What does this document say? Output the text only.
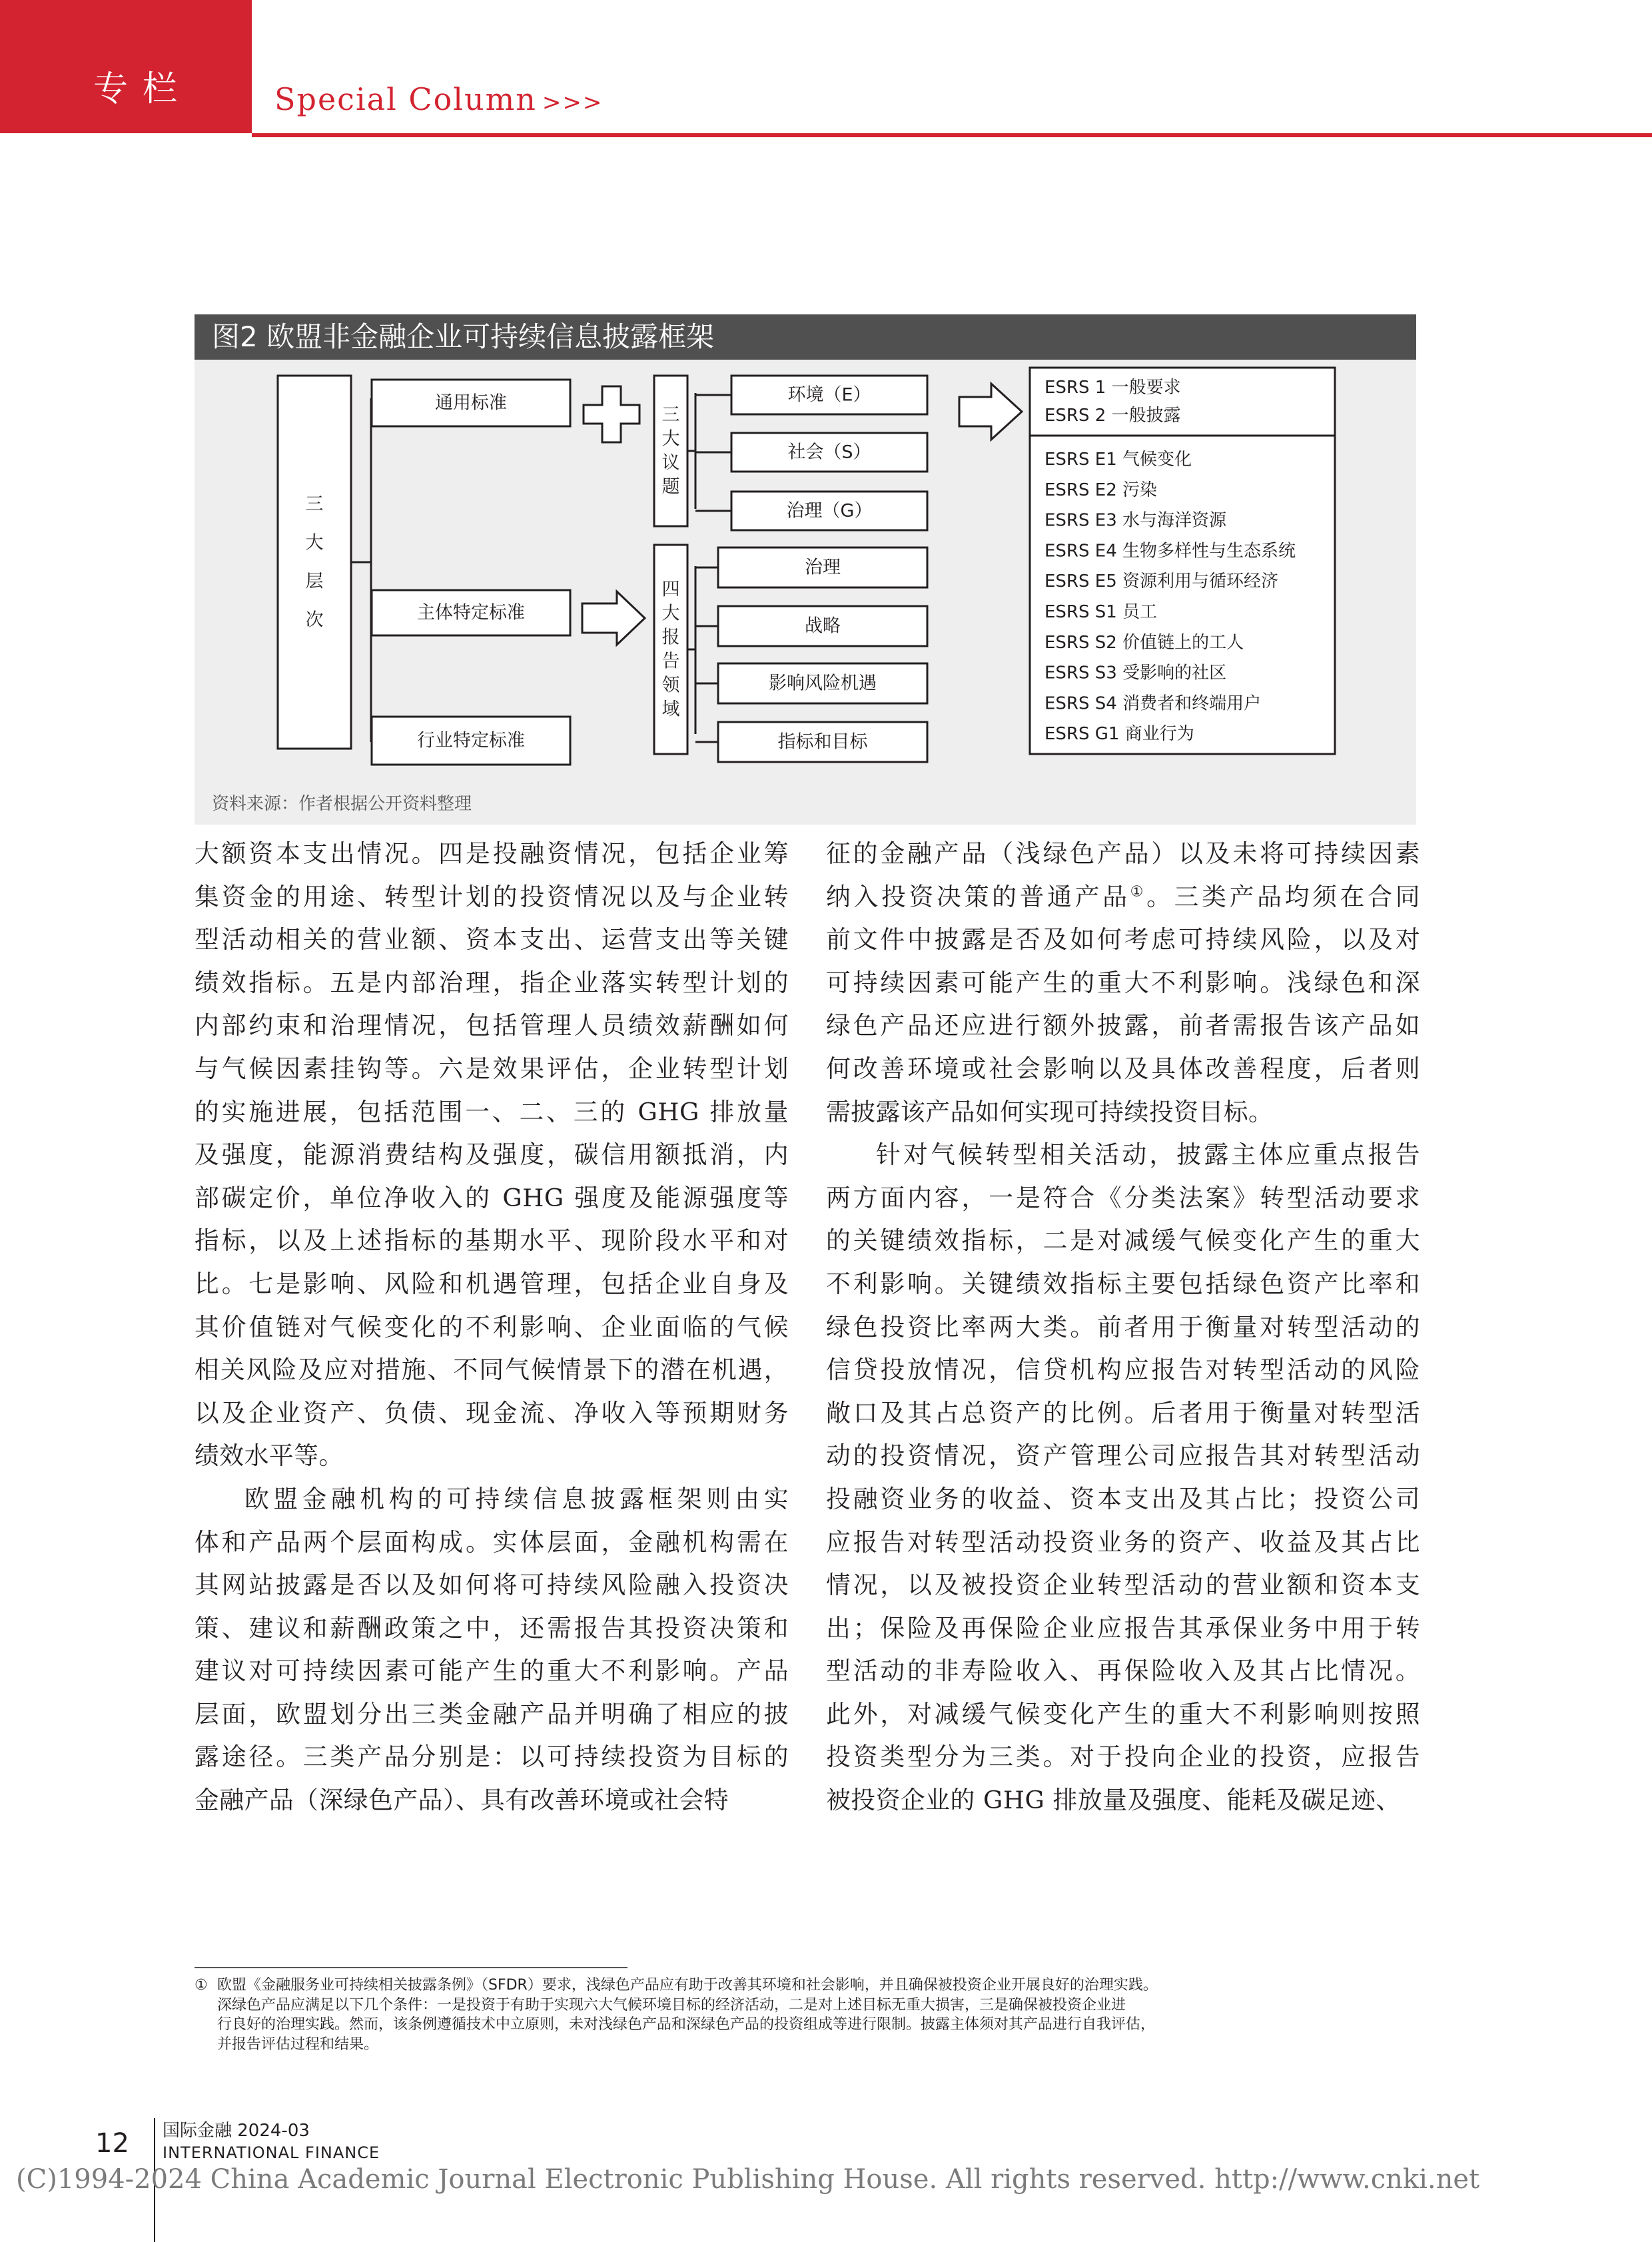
专栏	Special Column >>>
图2 欧盟非金融企业可持续信息披露框架
三
大
层
次
通用标准
主体特定标准
行业特定标准
三
大
议
题
环境（E）
社会（S）
治理（G）
四
大
报
告
领
域
治理
战略
影响风险机遇
指标和目标
ESRS 1 一般要求
ESRS 2 一般披露
ESRS E1 气候变化
ESRS E2 污染
ESRS E3 水与海洋资源
ESRS E4 生物多样性与生态系统
ESRS E5 资源利用与循环经济
ESRS S1 员工
ESRS S2 价值链上的工人
ESRS S3 受影响的社区
ESRS S4 消费者和终端用户
ESRS G1 商业行为
资料来源：作者根据公开资料整理

大额资本支出情况。四是投融资情况，包括企业筹

集资金的用途、转型计划的投资情况以及与企业转

型活动相关的营业额、资本支出、运营支出等关键

绩效指标。五是内部治理，指企业落实转型计划的

内部约束和治理情况，包括管理人员绩效薪酬如何

与气候因素挂钩等。六是效果评估，企业转型计划

的实施进展，包括范围一、二、三的 GHG 排放量

及强度，能源消费结构及强度，碳信用额抵消，内

部碳定价，单位净收入的 GHG 强度及能源强度等

指标，以及上述指标的基期水平、现阶段水平和对

比。七是影响、风险和机遇管理，包括企业自身及

其价值链对气候变化的不利影响、企业面临的气候

相关风险及应对措施、不同气候情景下的潜在机遇，

以及企业资产、负债、现金流、净收入等预期财务

绩效水平等。

欧盟金融机构的可持续信息披露框架则由实

体和产品两个层面构成。实体层面，金融机构需在

其网站披露是否以及如何将可持续风险融入投资决

策、建议和薪酬政策之中，还需报告其投资决策和

建议对可持续因素可能产生的重大不利影响。产品

层面，欧盟划分出三类金融产品并明确了相应的披

露途径。三类产品分别是：以可持续投资为目标的

金融产品（深绿色产品）、具有改善环境或社会特

征的金融产品（浅绿色产品）以及未将可持续因素

纳入投资决策的普通产品①。三类产品均须在合同

前文件中披露是否及如何考虑可持续风险，以及对

可持续因素可能产生的重大不利影响。浅绿色和深

绿色产品还应进行额外披露，前者需报告该产品如

何改善环境或社会影响以及具体改善程度，后者则

需披露该产品如何实现可持续投资目标。

针对气候转型相关活动，披露主体应重点报告

两方面内容，一是符合《分类法案》转型活动要求

的关键绩效指标，二是对减缓气候变化产生的重大

不利影响。关键绩效指标主要包括绿色资产比率和

绿色投资比率两大类。前者用于衡量对转型活动的

信贷投放情况，信贷机构应报告对转型活动的风险

敞口及其占总资产的比例。后者用于衡量对转型活

动的投资情况，资产管理公司应报告其对转型活动

投融资业务的收益、资本支出及其占比；投资公司

应报告对转型活动投资业务的资产、收益及其占比

情况，以及被投资企业转型活动的营业额和资本支

出；保险及再保险企业应报告其承保业务中用于转

型活动的非寿险收入、再保险收入及其占比情况。

此外，对减缓气候变化产生的重大不利影响则按照

投资类型分为三类。对于投向企业的投资，应报告

被投资企业的 GHG 排放量及强度、能耗及碳足迹、

① 欧盟《金融服务业可持续相关披露条例》（SFDR）要求，浅绿色产品应有助于改善其环境和社会影响，并且确保被投资企业开展良好的治理实践。

深绿色产品应满足以下几个条件：一是投资于有助于实现六大气候环境目标的经济活动，二是对上述目标无重大损害，三是确保被投资企业进

行良好的治理实践。然而，该条例遵循技术中立原则，未对浅绿色产品和深绿色产品的投资组成等进行限制。披露主体须对其产品进行自我评估，

并报告评估过程和结果。

12 国际金融 2024-03
INTERNATIONAL FINANCE
(C)1994-2024 China Academic Journal Electronic Publishing House. All rights reserved. http://www.cnki.net
